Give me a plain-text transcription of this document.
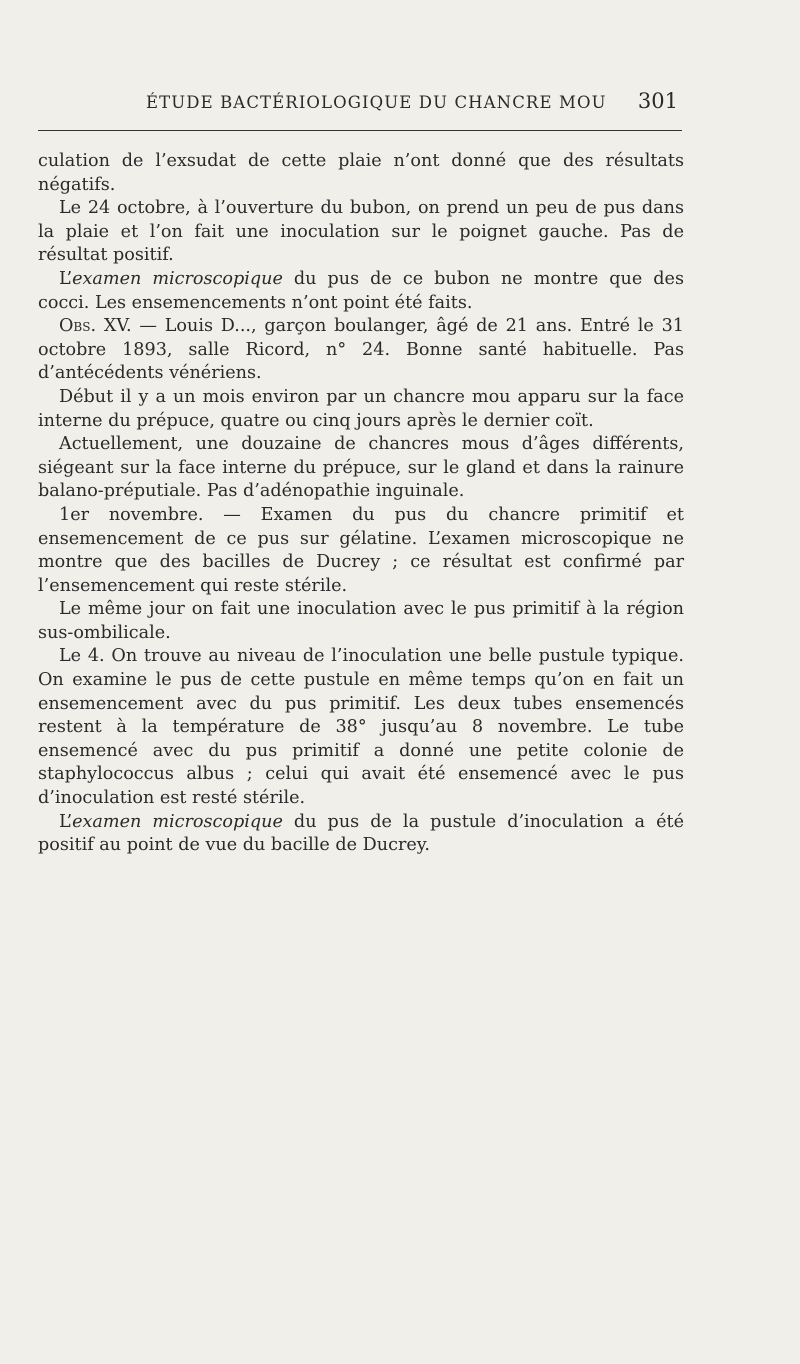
ÉTUDE BACTÉRIOLOGIQUE DU CHANCRE MOU 301

culation de l’exsudat de cette plaie n’ont donné que des résultats négatifs.

Le 24 octobre, à l’ouverture du bubon, on prend un peu de pus dans la plaie et l’on fait une inoculation sur le poignet gauche. Pas de résultat positif.

L’examen microscopique du pus de ce bubon ne montre que des cocci. Les ensemencements n’ont point été faits.

Obs. XV. — Louis D..., garçon boulanger, âgé de 21 ans. Entré le 31 octobre 1893, salle Ricord, n° 24. Bonne santé habituelle. Pas d’antécédents vénériens.

Début il y a un mois environ par un chancre mou apparu sur la face interne du prépuce, quatre ou cinq jours après le dernier coït.

Actuellement, une douzaine de chancres mous d’âges différents, siégeant sur la face interne du prépuce, sur le gland et dans la rainure balano-préputiale. Pas d’adénopathie inguinale.

1er novembre. — Examen du pus du chancre primitif et ensemencement de ce pus sur gélatine. L’examen microscopique ne montre que des bacilles de Ducrey ; ce résultat est confirmé par l’ensemencement qui reste stérile.

Le même jour on fait une inoculation avec le pus primitif à la région sus-ombilicale.

Le 4. On trouve au niveau de l’inoculation une belle pustule typique. On examine le pus de cette pustule en même temps qu’on en fait un ensemencement avec du pus primitif. Les deux tubes ensemencés restent à la température de 38° jusqu’au 8 novembre. Le tube ensemencé avec du pus primitif a donné une petite colonie de staphylococcus albus ; celui qui avait été ensemencé avec le pus d’inoculation est resté stérile.

L’examen microscopique du pus de la pustule d’inoculation a été positif au point de vue du bacille de Ducrey.
